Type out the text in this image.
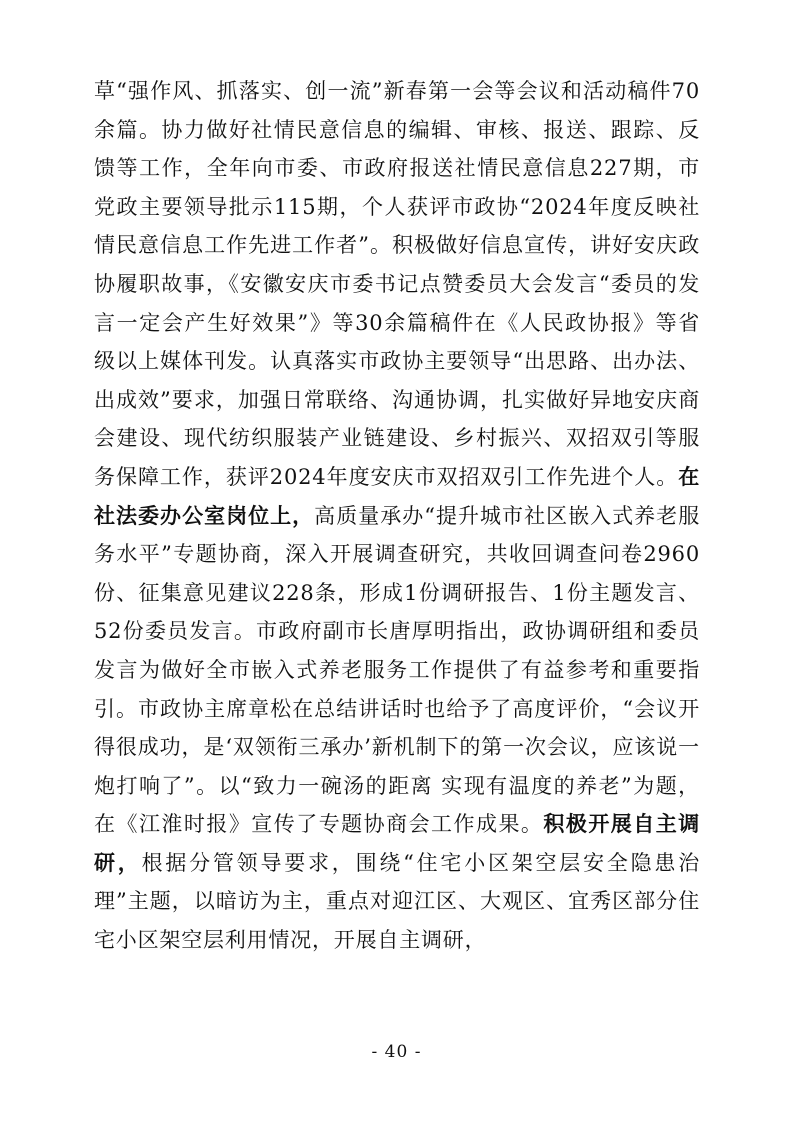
草“强作风、抓落实、创一流”新春第一会等会议和活动稿件70余篇。协力做好社情民意信息的编辑、审核、报送、跟踪、反馈等工作，全年向市委、市政府报送社情民意信息227期，市党政主要领导批示115期，个人获评市政协“2024年度反映社情民意信息工作先进工作者”。积极做好信息宣传，讲好安庆政协履职故事，《安徽安庆市委书记点赞委员大会发言“委员的发言一定会产生好效果”》等30余篇稿件在《人民政协报》等省级以上媒体刊发。认真落实市政协主要领导“出思路、出办法、出成效”要求，加强日常联络、沟通协调，扎实做好异地安庆商会建设、现代纺织服装产业链建设、乡村振兴、双招双引等服务保障工作，获评2024年度安庆市双招双引工作先进个人。在社法委办公室岗位上，高质量承办“提升城市社区嵌入式养老服务水平”专题协商，深入开展调查研究，共收回调查问卷2960份、征集意见建议228条，形成1份调研报告、1份主题发言、52份委员发言。市政府副市长唐厚明指出，政协调研组和委员发言为做好全市嵌入式养老服务工作提供了有益参考和重要指引。市政协主席章松在总结讲话时也给予了高度评价，“会议开得很成功，是‘双领衔三承办’新机制下的第一次会议，应该说一炮打响了”。以“致力一碗汤的距离 实现有温度的养老”为题，在《江淮时报》宣传了专题协商会工作成果。积极开展自主调研，根据分管领导要求，围绕“住宅小区架空层安全隐患治理”主题，以暗访为主，重点对迎江区、大观区、宜秀区部分住宅小区架空层利用情况，开展自主调研，

- 40 -
